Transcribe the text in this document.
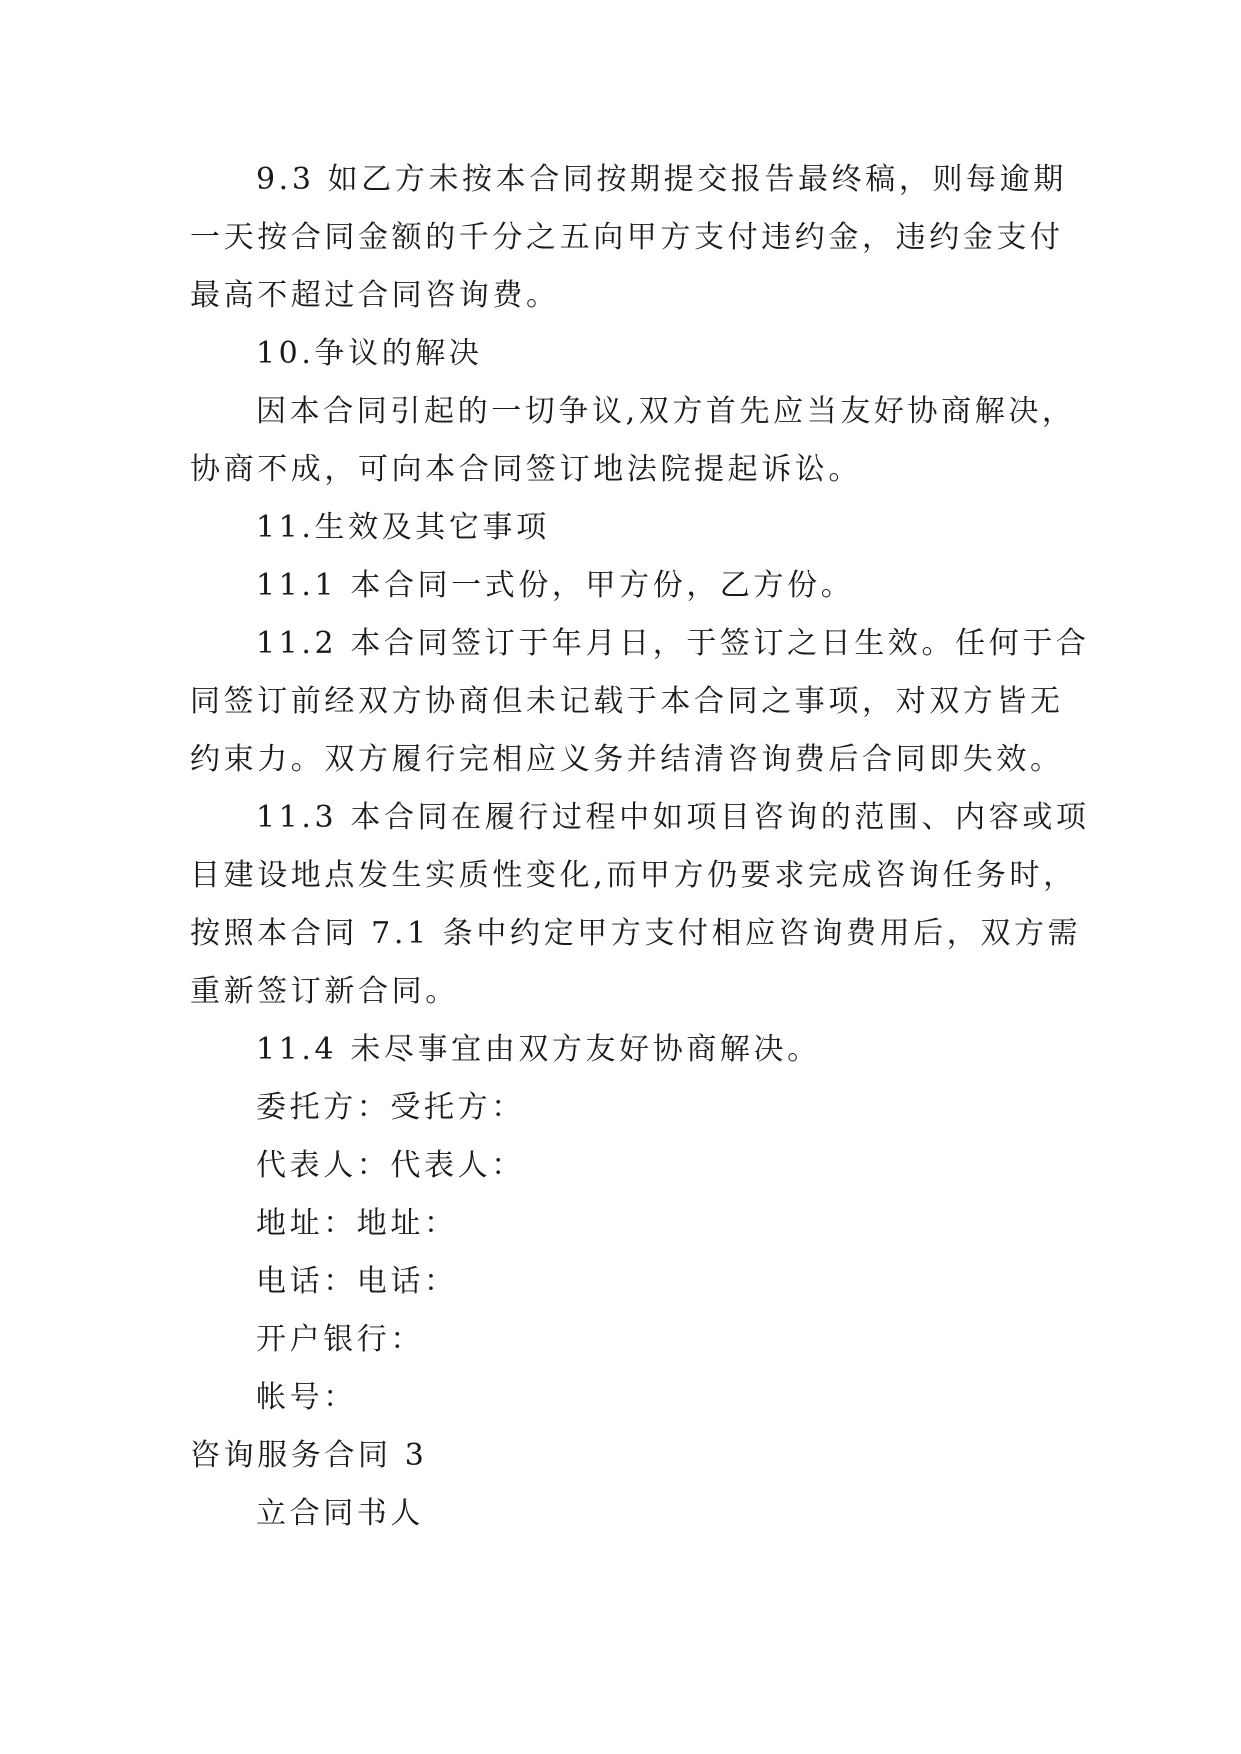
9.3 如乙方未按本合同按期提交报告最终稿，则每逾期
一天按合同金额的千分之五向甲方支付违约金，违约金支付
最高不超过合同咨询费。
10.争议的解决
因本合同引起的一切争议,双方首先应当友好协商解决，
协商不成，可向本合同签订地法院提起诉讼。
11.生效及其它事项
11.1 本合同一式份，甲方份，乙方份。
11.2 本合同签订于年月日，于签订之日生效。任何于合
同签订前经双方协商但未记载于本合同之事项，对双方皆无
约束力。双方履行完相应义务并结清咨询费后合同即失效。
11.3 本合同在履行过程中如项目咨询的范围、内容或项
目建设地点发生实质性变化,而甲方仍要求完成咨询任务时，
按照本合同 7.1 条中约定甲方支付相应咨询费用后，双方需
重新签订新合同。
11.4 未尽事宜由双方友好协商解决。
委托方：受托方：
代表人：代表人：
地址：地址：
电话：电话：
开户银行：
帐号：
咨询服务合同 3
立合同书人
